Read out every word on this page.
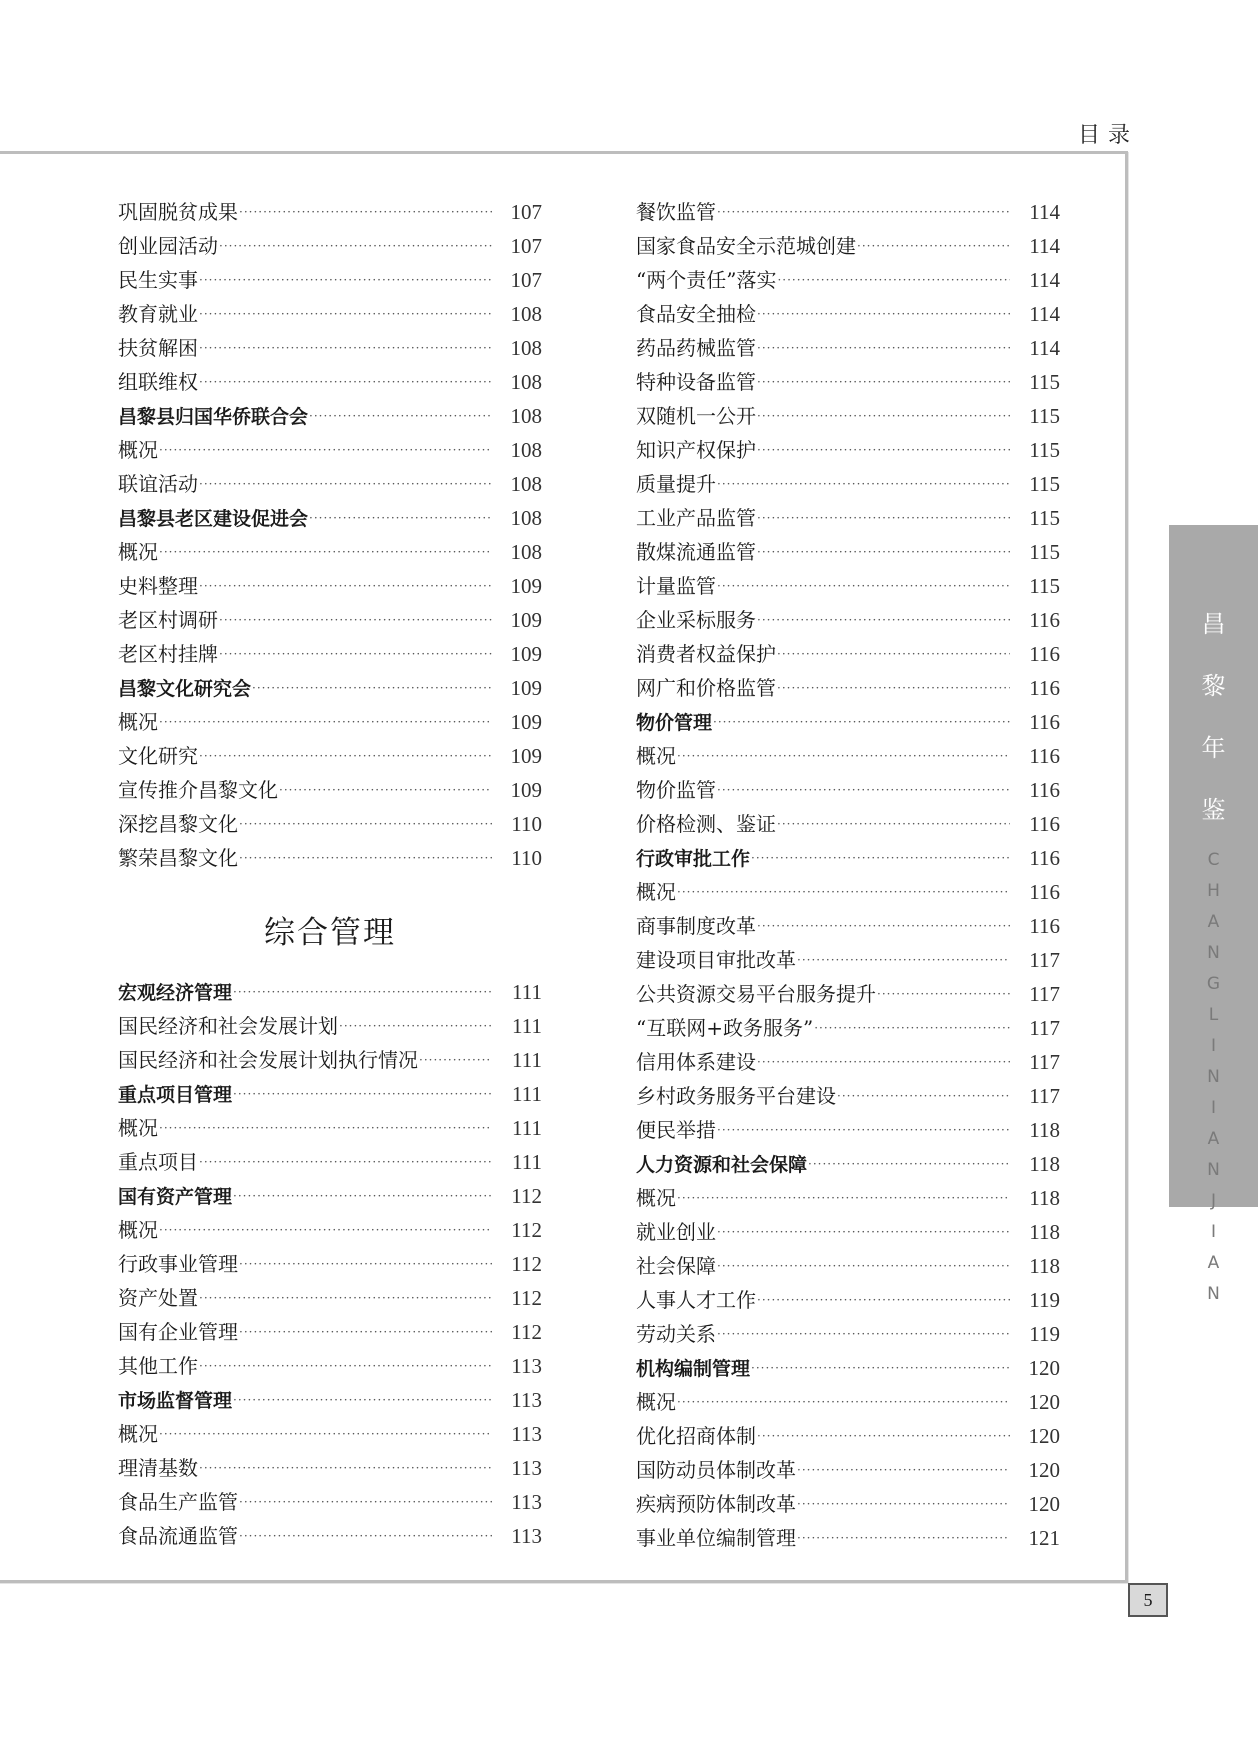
目录
巩固脱贫成果 ·····	107
创业园活动 ·····	107
民生实事 ·····	107
教育就业 ·····	108
扶贫解困 ·····	108
组联维权 ·····	108
昌黎县归国华侨联合会 ·····	108
概况 ·····	108
联谊活动 ·····	108
昌黎县老区建设促进会 ·····	108
概况 ·····	108
史料整理 ·····	109
老区村调研 ·····	109
老区村挂牌 ·····	109
昌黎文化研究会 ·····	109
概况 ·····	109
文化研究 ·····	109
宣传推介昌黎文化 ·····	109
深挖昌黎文化 ·····	110
繁荣昌黎文化 ·····	110
综合管理
宏观经济管理 ·····	111
国民经济和社会发展计划 ·····	111
国民经济和社会发展计划执行情况 ·····	111
重点项目管理 ·····	111
概况 ·····	111
重点项目 ·····	111
国有资产管理 ·····	112
概况 ·····	112
行政事业管理 ·····	112
资产处置 ·····	112
国有企业管理 ·····	112
其他工作 ·····	113
市场监督管理 ·····	113
概况 ·····	113
理清基数 ·····	113
食品生产监管 ·····	113
食品流通监管 ·····	113
餐饮监管 ·····	114
国家食品安全示范城创建 ·····	114
“两个责任”落实 ·····	114
食品安全抽检 ·····	114
药品药械监管 ·····	114
特种设备监管 ·····	115
双随机一公开 ·····	115
知识产权保护 ·····	115
质量提升 ·····	115
工业产品监管 ·····	115
散煤流通监管 ·····	115
计量监管 ·····	115
企业采标服务 ·····	116
消费者权益保护 ·····	116
网广和价格监管 ·····	116
物价管理 ·····	116
概况 ·····	116
物价监管 ·····	116
价格检测、鉴证 ·····	116
行政审批工作 ·····	116
概况 ·····	116
商事制度改革 ·····	116
建设项目审批改革 ·····	117
公共资源交易平台服务提升 ·····	117
“互联网+政务服务” ·····	117
信用体系建设 ·····	117
乡村政务服务平台建设 ·····	117
便民举措 ·····	118
人力资源和社会保障 ·····	118
概况 ·····	118
就业创业 ·····	118
社会保障 ·····	118
人事人才工作 ·····	119
劳动关系 ·····	119
机构编制管理 ·····	120
概况 ·····	120
优化招商体制 ·····	120
国防动员体制改革 ·····	120
疾病预防体制改革 ·····	120
事业单位编制管理 ·····	121
昌
黎
年
鉴
C
H
A
N
G
L
I
N
I
A
N
J
I
A
N
5
